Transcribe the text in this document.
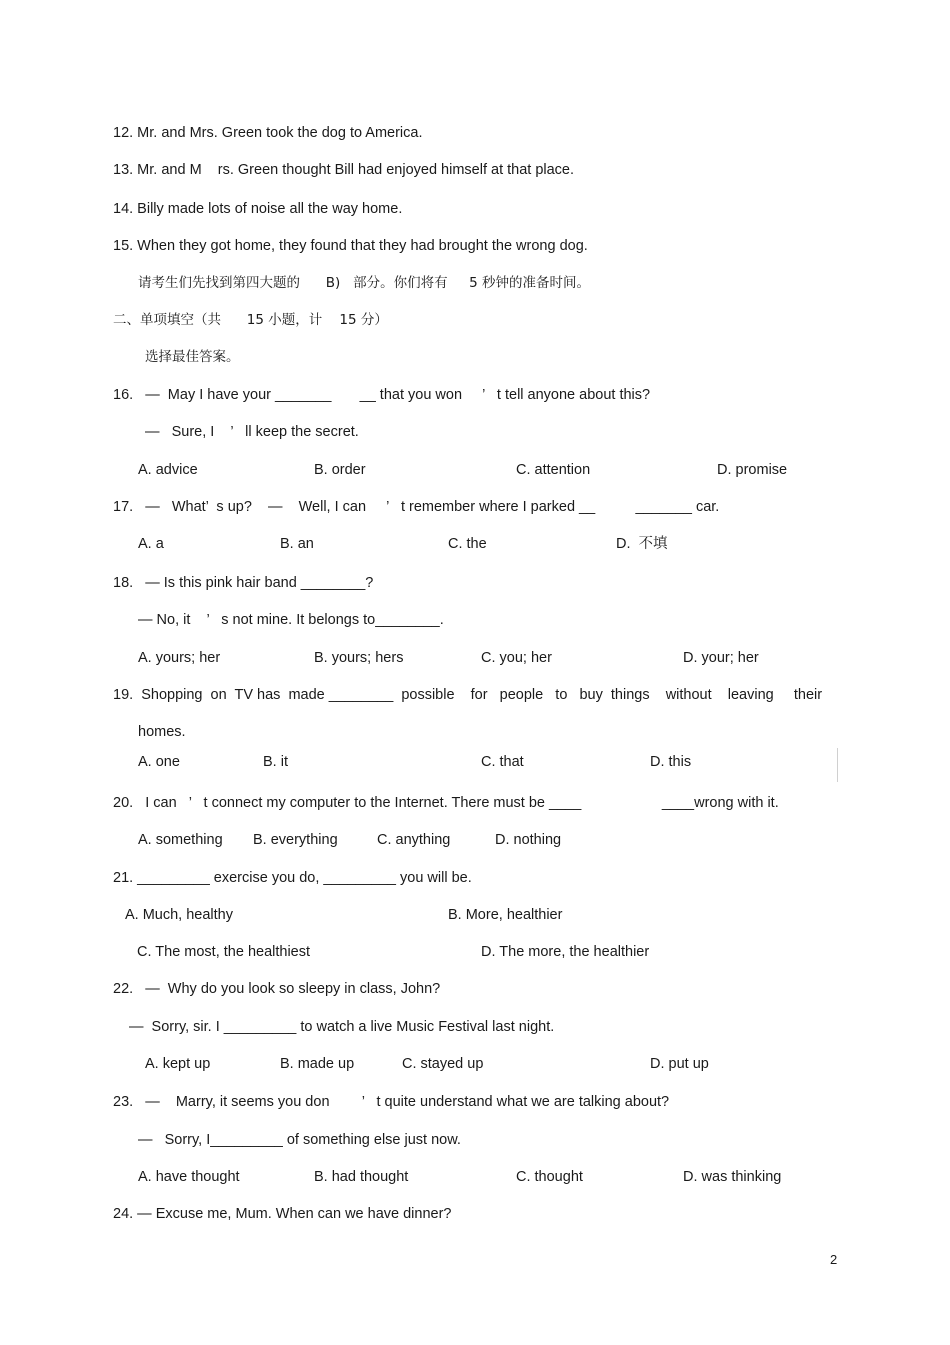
12. Mr. and Mrs. Green took the dog to America.
13. Mr. and M    rs. Green thought Bill had enjoyed himself at that place.
14. Billy made lots of noise all the way home.
15. When they got home, they found that they had brought the wrong dog.
请考生们先找到第四大题的      B)   部分。你们将有     5 秒钟的准备时间。
二、单项填空（共      15 小题，计    15 分）
选择最佳答案。
16.   —  May I have your _______       __ that you won     ’   t tell anyone about this?
—   Sure, I    ’   ll keep the secret.
A. advice	B. order	C. attention	D. promise
17.   —   What’  s up?    —    Well, I can     ’   t remember where I parked __          _______ car.
A. a	B. an	C. the	D.  不填
18.   — Is this pink hair band ________?
— No, it    ’   s not mine. It belongs to________.
A. yours; her	B. yours; hers	C. you; her	D. your; her
19.  Shopping  on  TV has  made ________  possible    for   people   to   buy  things    without    leaving     their
homes.
A. one	B. it	C. that	D. this
20.   I can   ’   t connect my computer to the Internet. There must be ____                    ____wrong with it.
A. something B. everything	C. anything	D. nothing
21. _________ exercise you do, _________ you will be.
A. Much, healthy	B. More, healthier
C. The most, the healthiest	D. The more, the healthier
22.   —  Why do you look so sleepy in class, John?
—  Sorry, sir. I _________ to watch a live Music Festival last night.
A. kept up	B. made up	C. stayed up	D. put up
23.   —    Marry, it seems you don        ’   t quite understand what we are talking about?
—   Sorry, I_________ of something else just now.
A. have thought	B. had thought	C. thought	D. was thinking
24. — Excuse me, Mum. When can we have dinner?
2
